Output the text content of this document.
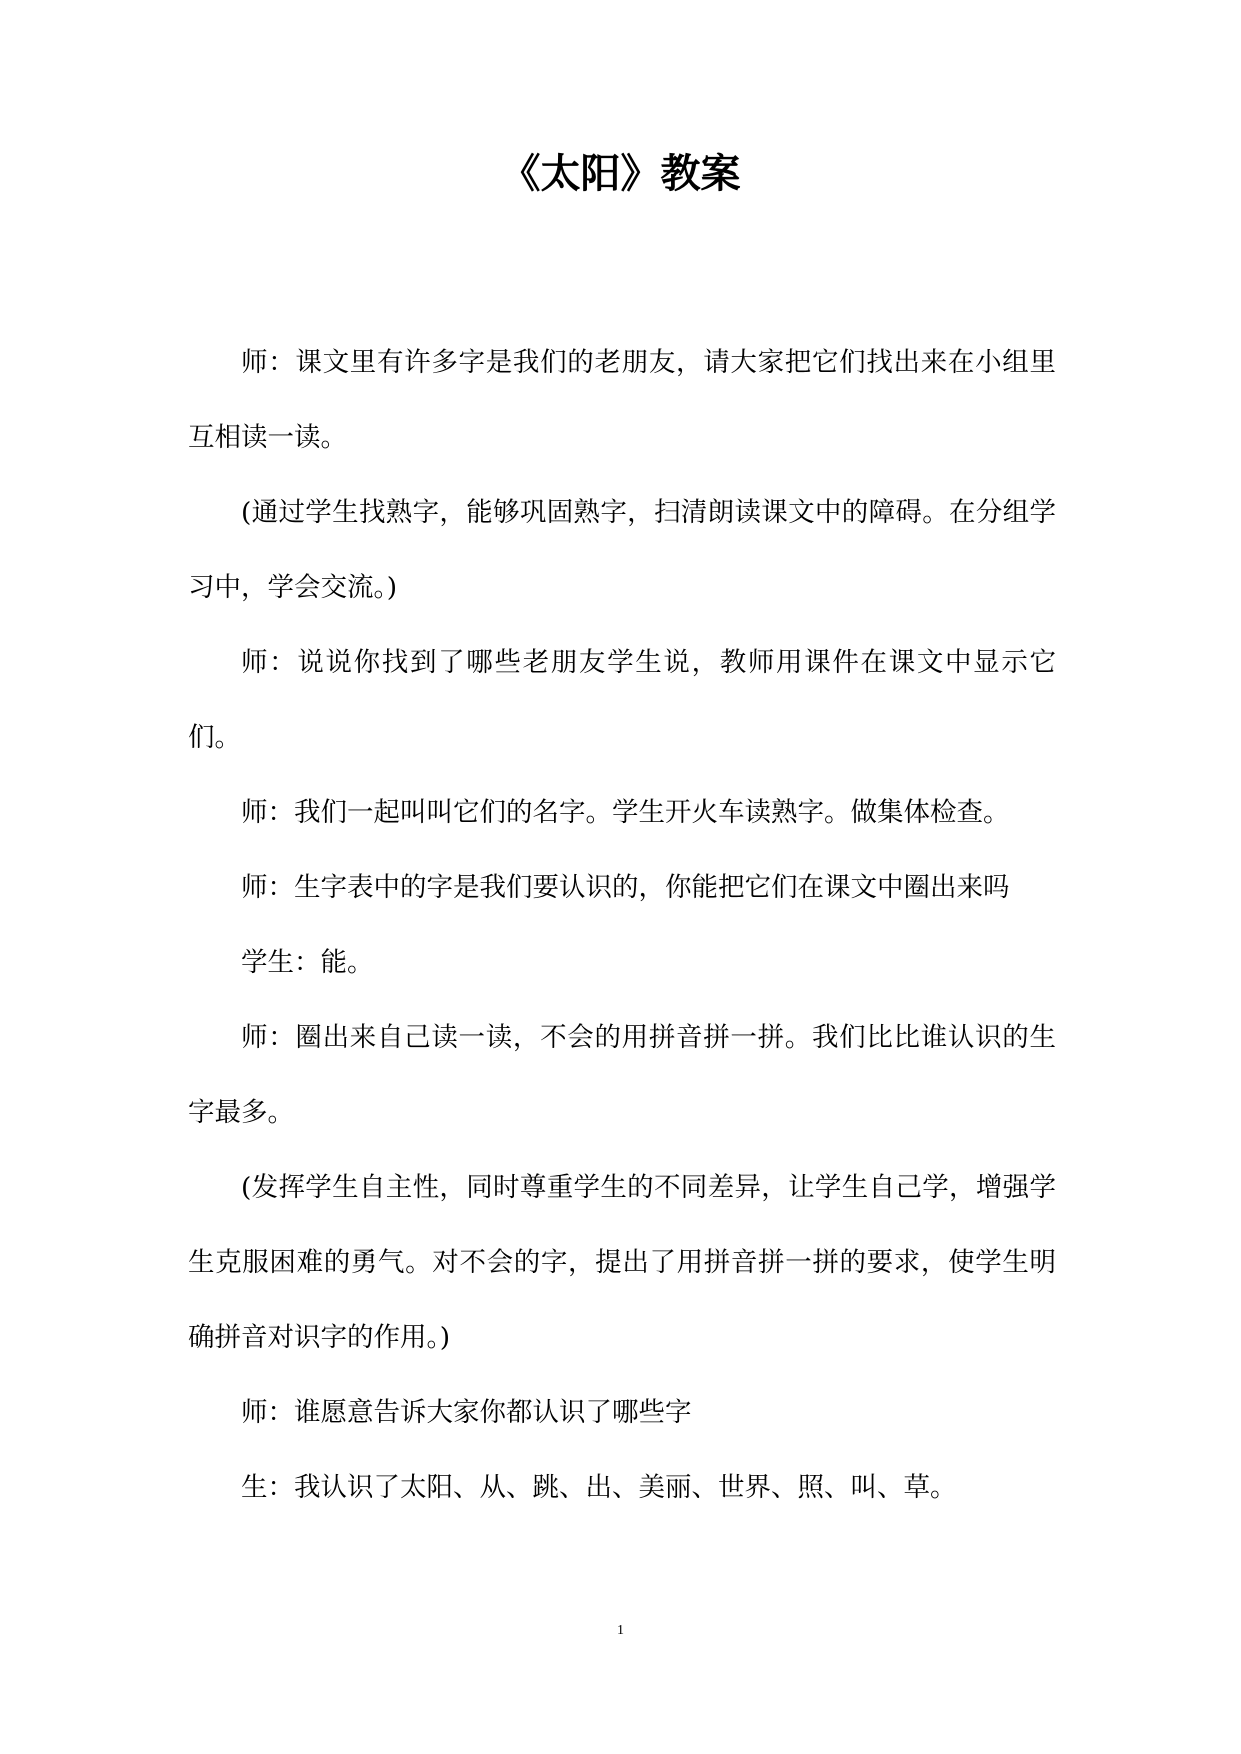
《太阳》教案

师：课文里有许多字是我们的老朋友，请大家把它们找出来在小组里互相读一读。

(通过学生找熟字，能够巩固熟字，扫清朗读课文中的障碍。在分组学习中，学会交流。)

师：说说你找到了哪些老朋友学生说，教师用课件在课文中显示它们。

师：我们一起叫叫它们的名字。学生开火车读熟字。做集体检查。

师：生字表中的字是我们要认识的，你能把它们在课文中圈出来吗

学生：能。

师：圈出来自己读一读，不会的用拼音拼一拼。我们比比谁认识的生字最多。

(发挥学生自主性，同时尊重学生的不同差异，让学生自己学，增强学生克服困难的勇气。对不会的字，提出了用拼音拼一拼的要求，使学生明确拼音对识字的作用。)

师：谁愿意告诉大家你都认识了哪些字

生：我认识了太阳、从、跳、出、美丽、世界、照、叫、草。

1
